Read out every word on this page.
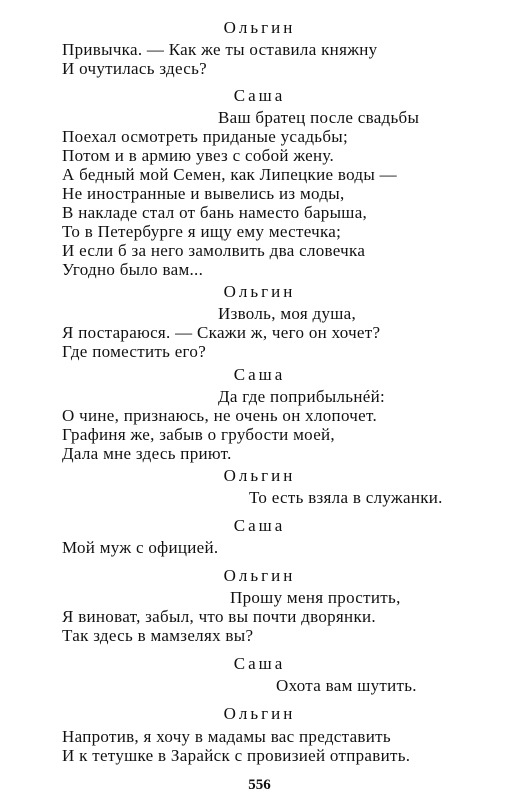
Ольгин
Привычка. — Как же ты оставила княжну
И очутилась здесь?
Саша
Ваш братец после свадьбы
Поехал осмотреть приданые усадьбы;
Потом и в армию увез с собой жену.
А бедный мой Семен, как Липецкие воды —
Не иностранные и вывелись из моды,
В накладе стал от бань наместо барыша,
То в Петербурге я ищу ему местечка;
И если б за него замолвить два словечка
Угодно было вам...
Ольгин
Изволь, моя душа,
Я постараюся. — Скажи ж, чего он хочет?
Где поместить его?
Саша
Да где поприбыльнéй:
О чине, признаюсь, не очень он хлопочет.
Графиня же, забыв о грубости моей,
Дала мне здесь приют.
Ольгин
То есть взяла в служанки.
Саша
Мой муж с официей.
Ольгин
Прошу меня простить,
Я виноват, забыл, что вы почти дворянки.
Так здесь в мамзелях вы?
Саша
Охота вам шутить.
Ольгин
Напротив, я хочу в мадамы вас представить
И к тетушке в Зарайск с провизией отправить.
556
